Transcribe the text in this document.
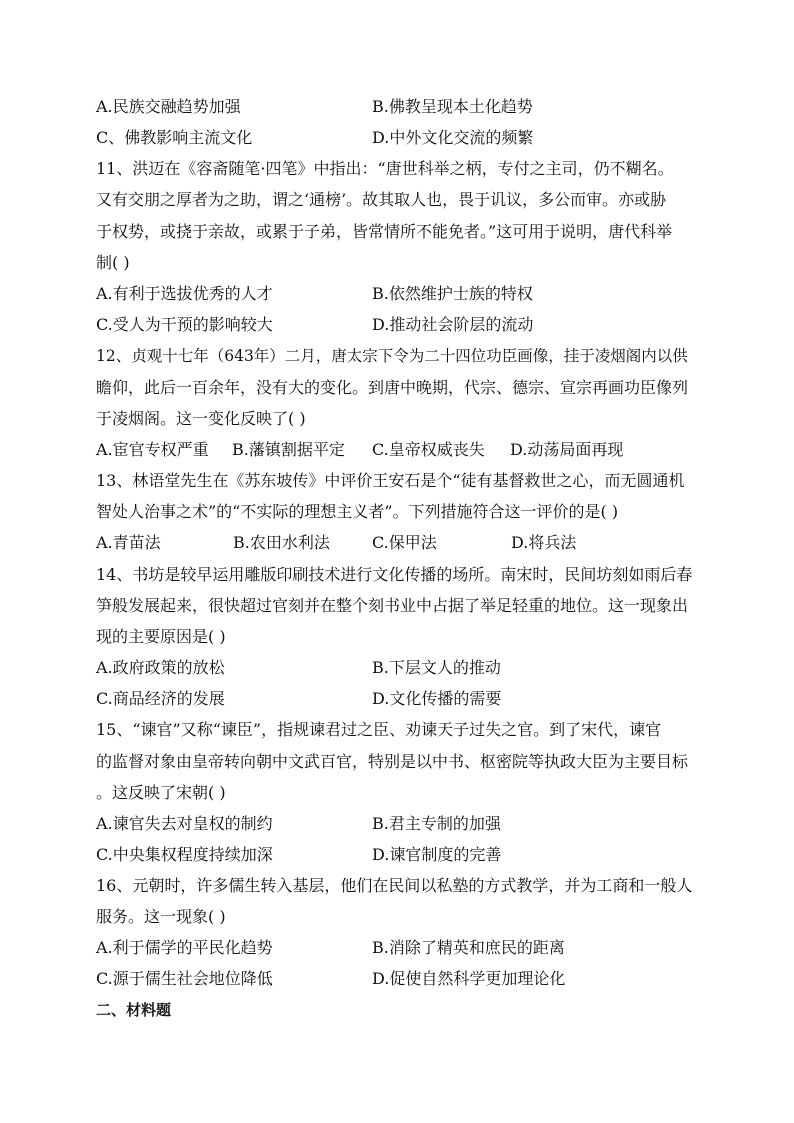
A.民族交融趋势加强	B.佛教呈现本土化趋势
C、佛教影响主流文化	D.中外文化交流的频繁
11、洪迈在《容斋随笔·四笔》中指出：“唐世科举之柄，专付之主司，仍不糊名。
又有交朋之厚者为之助，谓之‘通榜’。故其取人也，畏于讥议，多公而审。亦或胁
于权势，或挠于亲故，或累于子弟，皆常情所不能免者。”这可用于说明，唐代科举
制( )
A.有利于选拔优秀的人才	B.依然维护士族的特权
C.受人为干预的影响较大	D.推动社会阶层的流动
12、贞观十七年（643年）二月，唐太宗下令为二十四位功臣画像，挂于凌烟阁内以供
瞻仰，此后一百余年，没有大的变化。到唐中晚期，代宗、德宗、宣宗再画功臣像列
于凌烟阁。这一变化反映了( )
A.宦官专权严重 B.藩镇割据平定 C.皇帝权威丧失 D.动荡局面再现
13、林语堂先生在《苏东坡传》中评价王安石是个“徒有基督救世之心，而无圆通机
智处人治事之术”的“不实际的理想主义者”。下列措施符合这一评价的是( )
A.青苗法	B.农田水利法	C.保甲法	D.将兵法
14、书坊是较早运用雕版印刷技术进行文化传播的场所。南宋时，民间坊刻如雨后春
笋般发展起来，很快超过官刻并在整个刻书业中占据了举足轻重的地位。这一现象出
现的主要原因是( )
A.政府政策的放松	B.下层文人的推动
C.商品经济的发展	D.文化传播的需要
15、“谏官”又称“谏臣”，指规谏君过之臣、劝谏天子过失之官。到了宋代，谏官
的监督对象由皇帝转向朝中文武百官，特别是以中书、枢密院等执政大臣为主要目标
。这反映了宋朝( )
A.谏官失去对皇权的制约	B.君主专制的加强
C.中央集权程度持续加深	D.谏官制度的完善
16、元朝时，许多儒生转入基层，他们在民间以私塾的方式教学，并为工商和一般人
服务。这一现象( )
A.利于儒学的平民化趋势	B.消除了精英和庶民的距离
C.源于儒生社会地位降低	D.促使自然科学更加理论化
二、材料题
